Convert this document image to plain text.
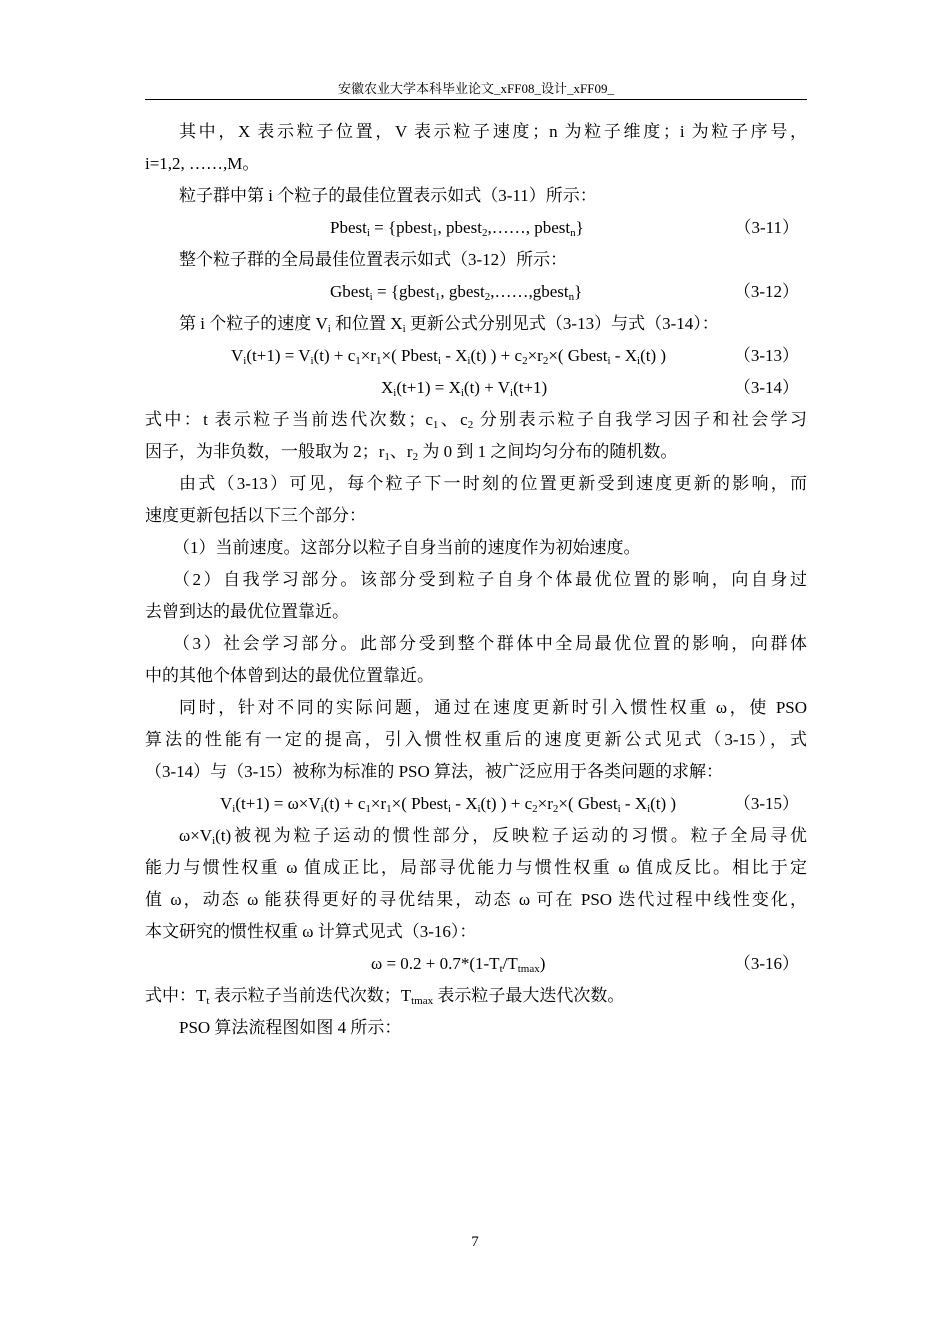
安徽农业大学本科毕业论文_xFF08_设计_xFF09_
其中，X 表示粒子位置，V 表示粒子速度；n 为粒子维度；i 为粒子序号，
i=1,2, ……,M。
粒子群中第 i 个粒子的最佳位置表示如式（3-11）所示：
Pbest$_i$ = {pbest$_1$, pbest$_2$,……, pbest$_n$}	（3-11）
整个粒子群的全局最佳位置表示如式（3-12）所示：
Gbest$_i$ = {gbest$_1$, gbest$_2$,……,gbest$_n$}	（3-12）
第 i 个粒子的速度 $V_i$ 和位置 $X_i$ 更新公式分别见式（3-13）与式（3-14）：
$V_i(t+1) = V_i(t) + c_1\times r_1\times$( Pbest$_i$ - $X_i(t)$ ) + $c_2\times r_2\times$( Gbest$_i$ - $X_i(t)$ )	（3-13）
$X_i(t+1) = X_i(t) + V_i(t+1)$	（3-14）
式中：t 表示粒子当前迭代次数；$c_1$、$c_2$ 分别表示粒子自我学习因子和社会学习
因子，为非负数，一般取为 2；$r_1$、$r_2$ 为 0 到 1 之间均匀分布的随机数。
由式（3-13）可见，每个粒子下一时刻的位置更新受到速度更新的影响，而
速度更新包括以下三个部分：
（1）当前速度。这部分以粒子自身当前的速度作为初始速度。
（2）自我学习部分。该部分受到粒子自身个体最优位置的影响，向自身过
去曾到达的最优位置靠近。
（3）社会学习部分。此部分受到整个群体中全局最优位置的影响，向群体
中的其他个体曾到达的最优位置靠近。
同时，针对不同的实际问题，通过在速度更新时引入惯性权重 ω，使 PSO
算法的性能有一定的提高，引入惯性权重后的速度更新公式见式（3-15），式
（3-14）与（3-15）被称为标准的 PSO 算法，被广泛应用于各类问题的求解：
$V_i(t+1) = \omega\times V_i(t) + c_1\times r_1\times$( Pbest$_i$ - $X_i(t)$ ) + $c_2\times r_2\times$( Gbest$_i$ - $X_i(t)$ )	（3-15）
$\omega\times V_i(t)$被视为粒子运动的惯性部分，反映粒子运动的习惯。粒子全局寻优
能力与惯性权重 ω 值成正比，局部寻优能力与惯性权重 ω 值成反比。相比于定
值 ω，动态 ω 能获得更好的寻优结果，动态 ω 可在 PSO 迭代过程中线性变化，
本文研究的惯性权重 ω 计算式见式（3-16）：
$\omega = 0.2 + 0.7*(1-T_t/T_{tmax})$	（3-16）
式中：$T_t$ 表示粒子当前迭代次数；$T_{tmax}$ 表示粒子最大迭代次数。
PSO 算法流程图如图 4 所示：
7
